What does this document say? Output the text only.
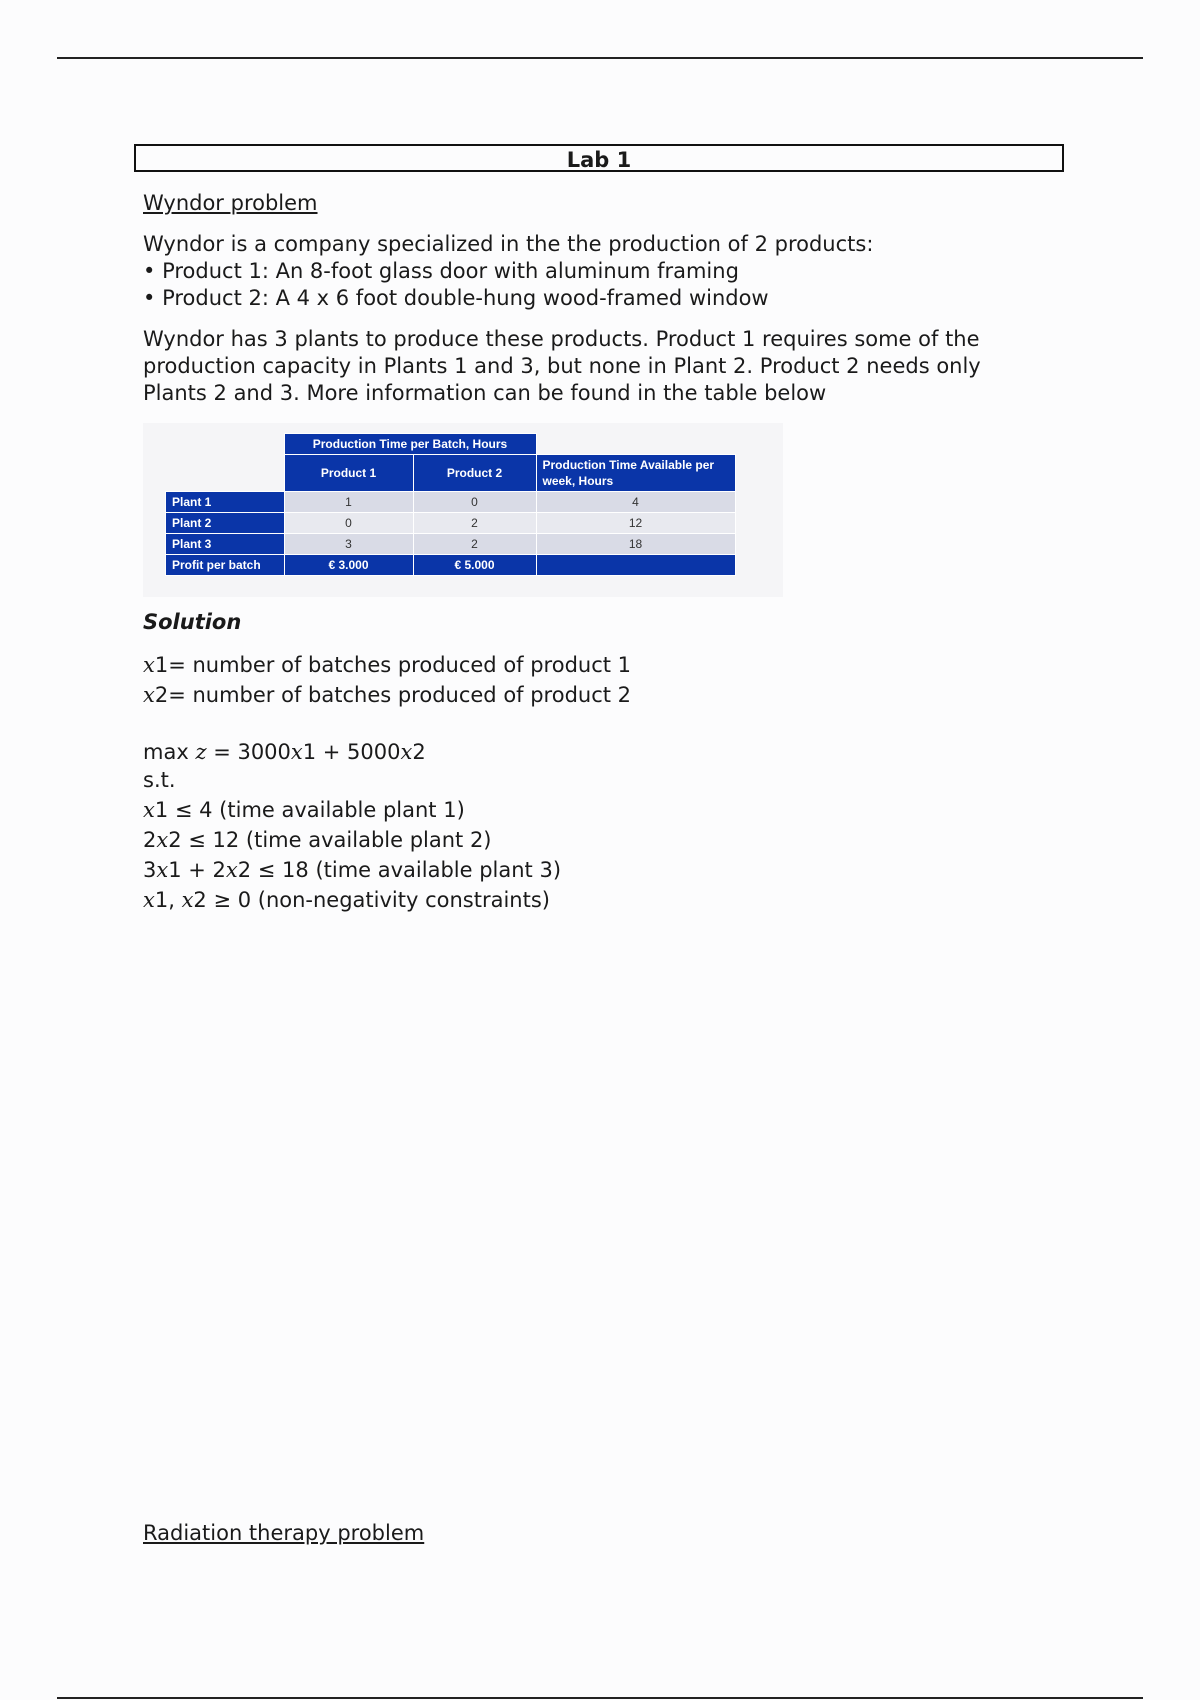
Lab 1

Wyndor problem

Wyndor is a company specialized in the the production of 2 products:

• Product 1: An 8-foot glass door with aluminum framing
• Product 2: A 4 x 6 foot double-hung wood-framed window

Wyndor has 3 plants to produce these products. Product 1 requires some of the

production capacity in Plants 1 and 3, but none in Plant 2. Product 2 needs only

Plants 2 and 3. More information can be found in the table below

	Production Time per Batch, Hours		
	Product 1	Product 2	Production Time Available per week, Hours
Plant 1	1	0	4
Plant 2	0	2	12
Plant 3	3	2	18
Profit per batch	€ 3.000	€ 5.000	

Solution

x1= number of batches produced of product 1

x2= number of batches produced of product 2

max z = 3000x1 + 5000x2

s.t.

x1 ≤ 4 (time available plant 1)

2x2 ≤ 12 (time available plant 2)

3x1 + 2x2 ≤ 18 (time available plant 3)

x1, x2 ≥ 0 (non-negativity constraints)

Radiation therapy problem
